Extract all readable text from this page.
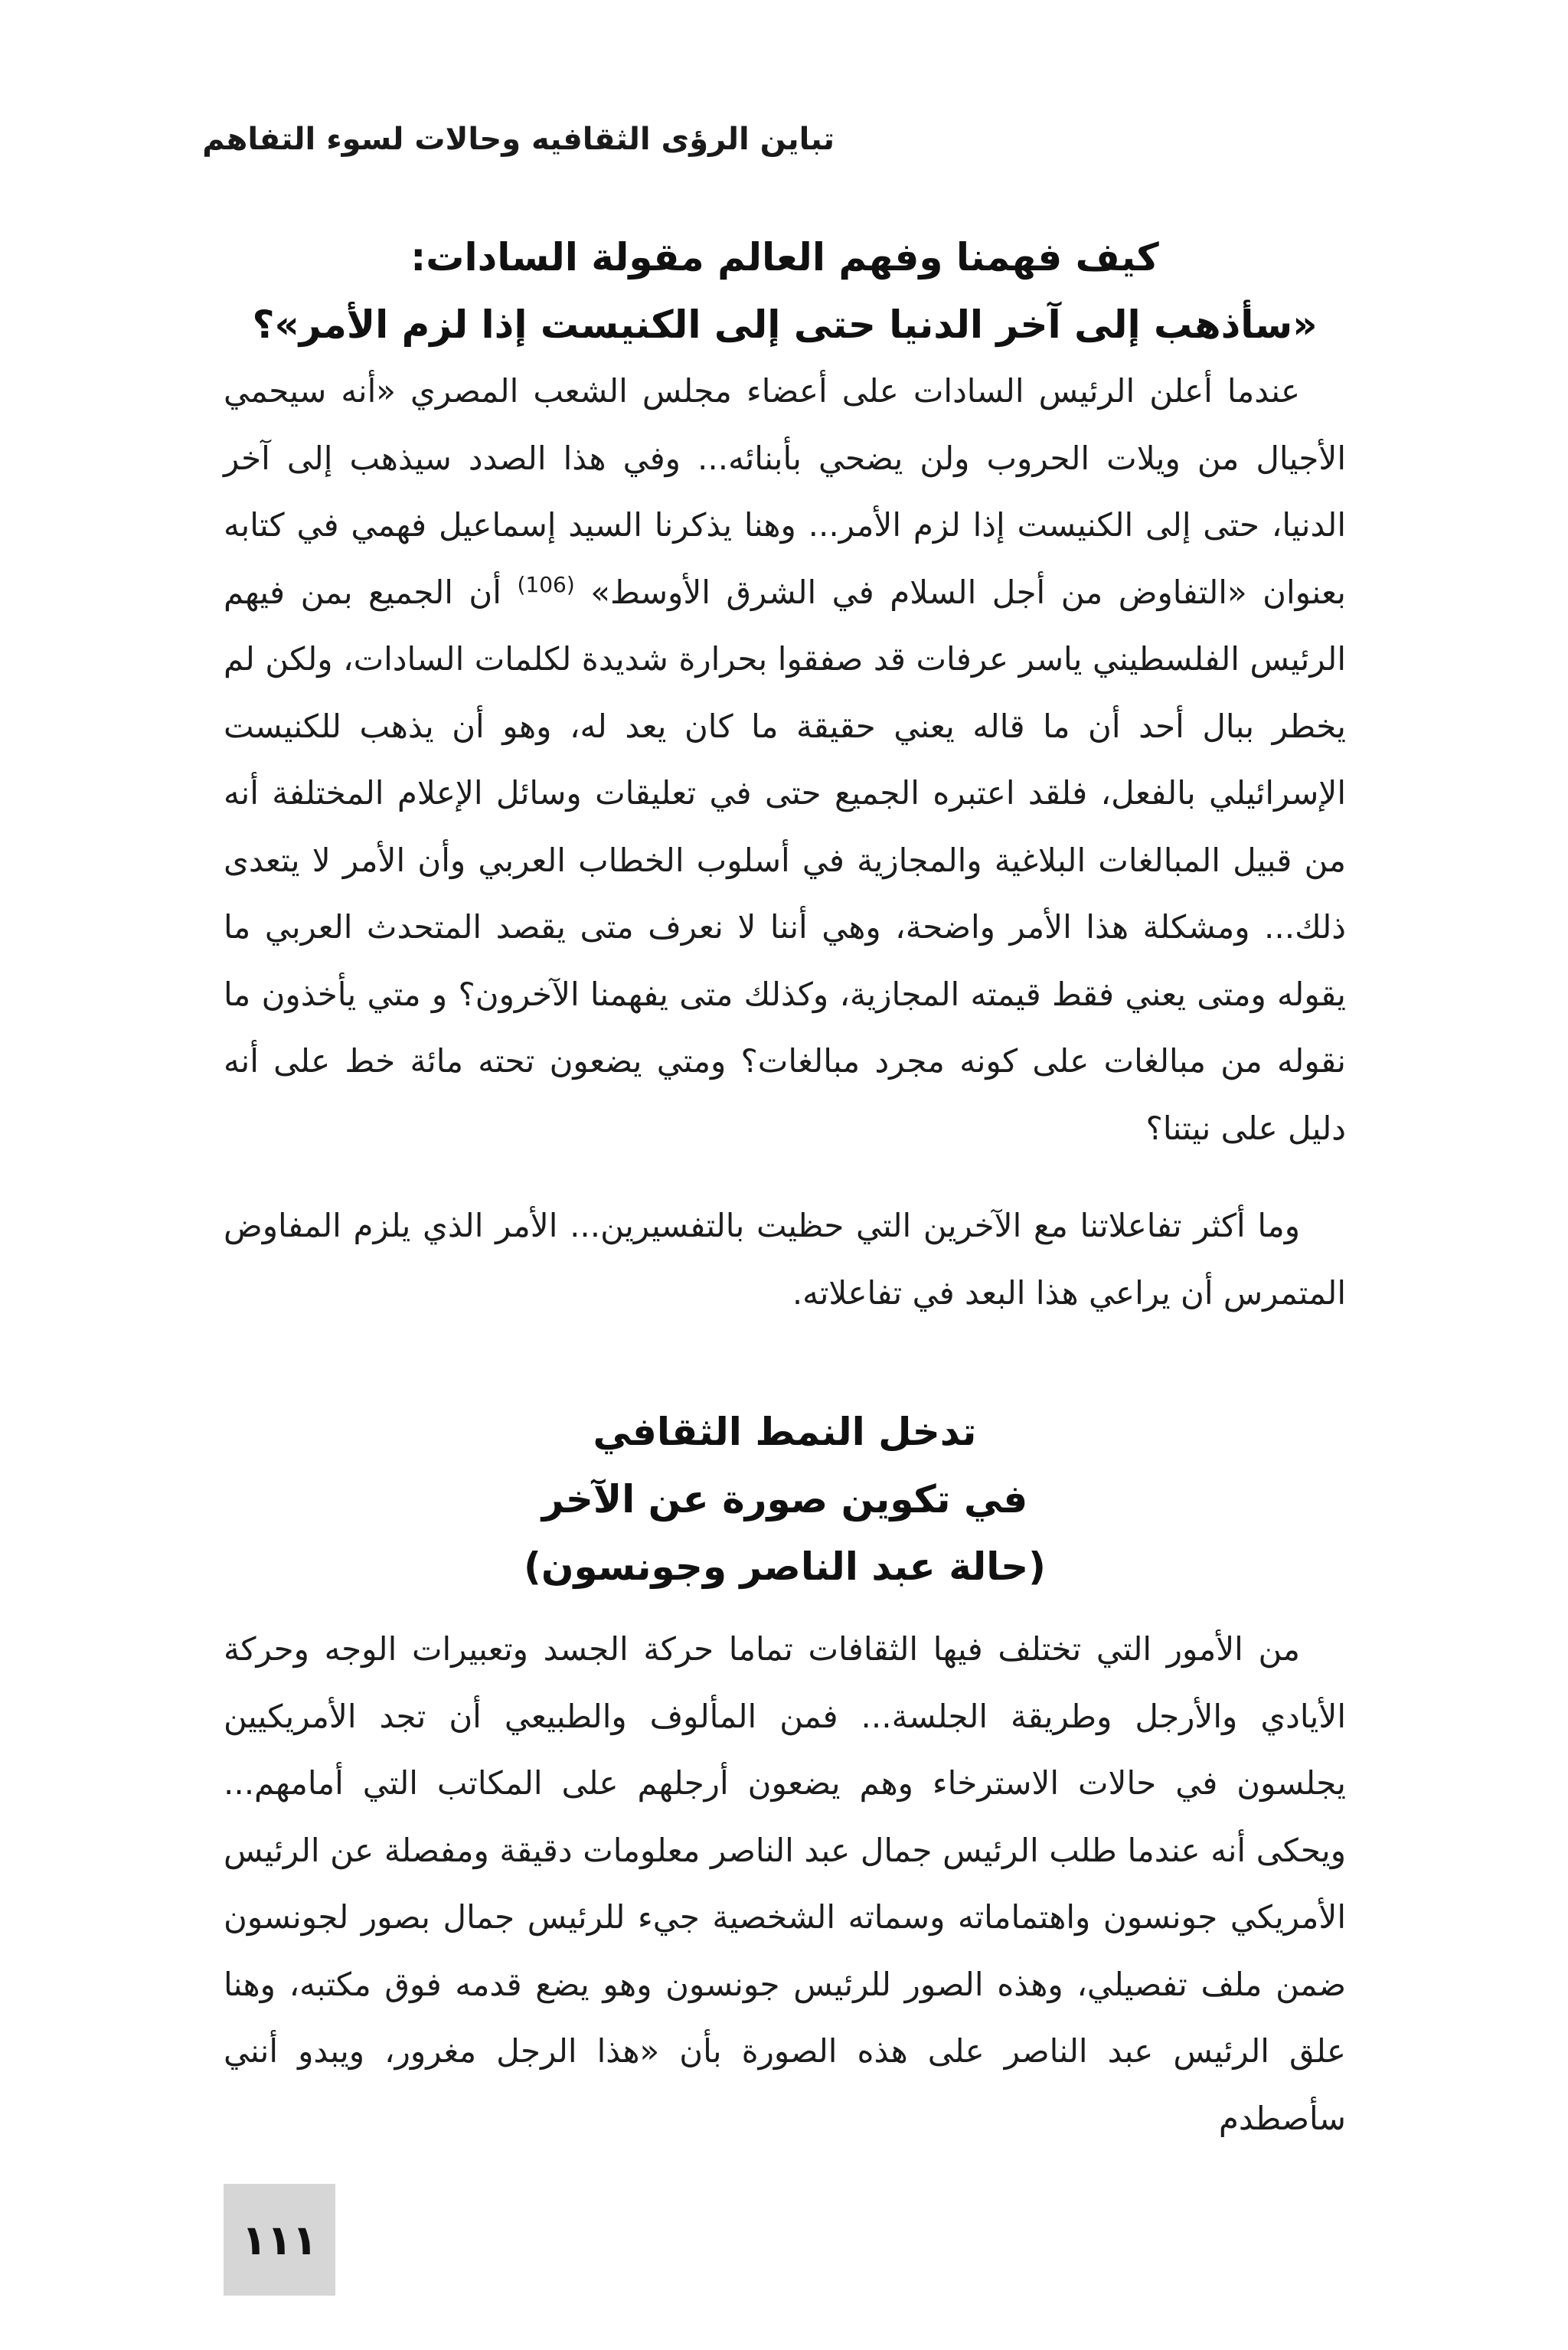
تباين الرؤى الثقافيه وحالات لسوء التفاهم
كيف فهمنا وفهم العالم مقولة السادات:
«سأذهب إلى آخر الدنيا حتى إلى الكنيست إذا لزم الأمر»؟

عندما أعلن الرئيس السادات على أعضاء مجلس الشعب المصري «أنه سيحمي الأجيال من ويلات الحروب ولن يضحي بأبنائه... وفي هذا الصدد سيذهب إلى آخر الدنيا، حتى إلى الكنيست إذا لزم الأمر... وهنا يذكرنا السيد إسماعيل فهمي في كتابه بعنوان «التفاوض من أجل السلام في الشرق الأوسط» $^{(106)}$ أن الجميع بمن فيهم الرئيس الفلسطيني ياسر عرفات قد صفقوا بحرارة شديدة لكلمات السادات، ولكن لم يخطر ببال أحد أن ما قاله يعني حقيقة ما كان يعد له، وهو أن يذهب للكنيست الإسرائيلي بالفعل، فلقد اعتبره الجميع حتى في تعليقات وسائل الإعلام المختلفة أنه من قبيل المبالغات البلاغية والمجازية في أسلوب الخطاب العربي وأن الأمر لا يتعدى ذلك... ومشكلة هذا الأمر واضحة، وهي أننا لا نعرف متى يقصد المتحدث العربي ما يقوله ومتى يعني فقط قيمته المجازية، وكذلك متى يفهمنا الآخرون؟ و متي يأخذون ما نقوله من مبالغات على كونه مجرد مبالغات؟ ومتي يضعون تحته مائة خط على أنه دليل على نيتنا؟

وما أكثر تفاعلاتنا مع الآخرين التي حظيت بالتفسيرين... الأمر الذي يلزم المفاوض المتمرس أن يراعي هذا البعد في تفاعلاته.

تدخل النمط الثقافي
في تكوين صورة عن الآخر
(حالة عبد الناصر وجونسون)

من الأمور التي تختلف فيها الثقافات تماما حركة الجسد وتعبيرات الوجه وحركة الأيادي والأرجل وطريقة الجلسة... فمن المألوف والطبيعي أن تجد الأمريكيين يجلسون في حالات الاسترخاء وهم يضعون أرجلهم على المكاتب التي أمامهم... ويحكى أنه عندما طلب الرئيس جمال عبد الناصر معلومات دقيقة ومفصلة عن الرئيس الأمريكي جونسون واهتماماته وسماته الشخصية جيء للرئيس جمال بصور لجونسون ضمن ملف تفصيلي، وهذه الصور للرئيس جونسون وهو يضع قدمه فوق مكتبه، وهنا علق الرئيس عبد الناصر على هذه الصورة بأن «هذا الرجل مغرور، ويبدو أنني سأصطدم

١١١
